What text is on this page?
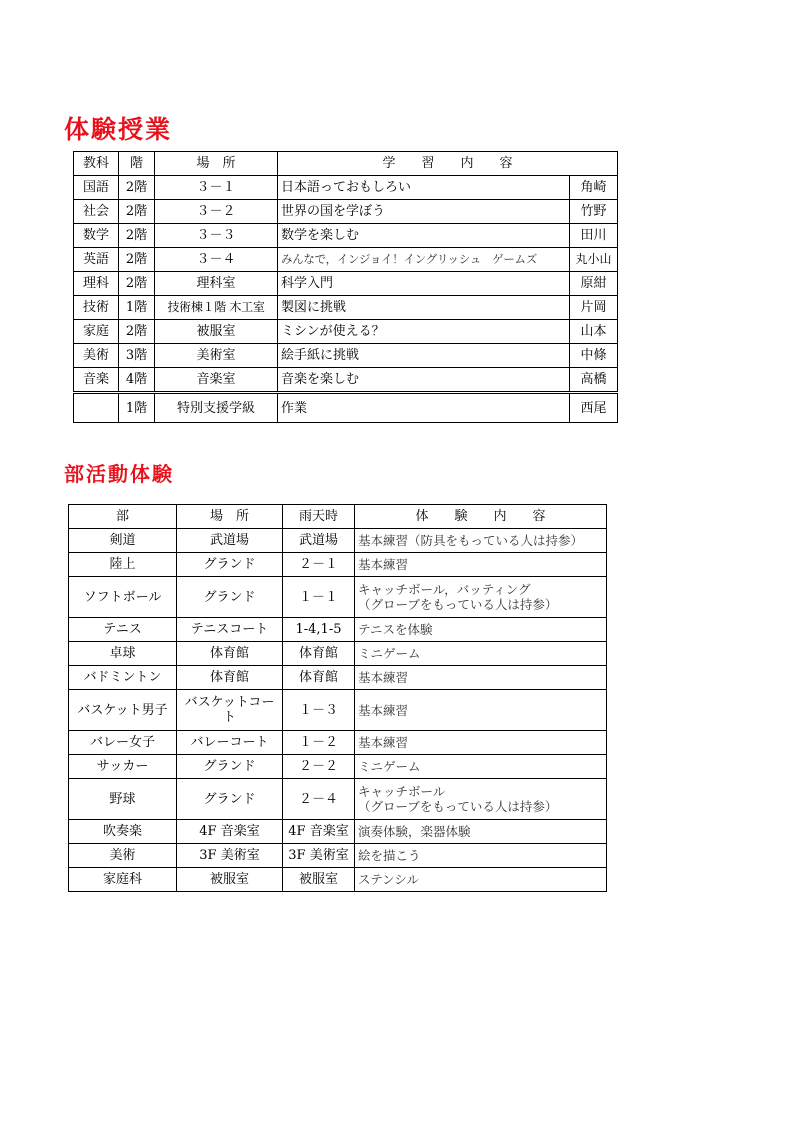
体験授業
教科	階	場　所	学　　習　　内　　容	
国語	2階	３－１	日本語っておもしろい	角崎
社会	2階	３－２	世界の国を学ぼう	竹野
数学	2階	３－３	数学を楽しむ	田川
英語	2階	３－４	みんなで，インジョイ！イングリッシュ　ゲームズ	丸小山
理科	2階	理科室	科学入門	原紺
技術	1階	技術棟１階 木工室	製図に挑戦	片岡
家庭	2階	被服室	ミシンが使える？	山本
美術	3階	美術室	絵手紙に挑戦	中條
音楽	4階	音楽室	音楽を楽しむ	高橋
	1階	特別支援学級	作業	西尾
部活動体験
部	場　所	雨天時	体　　験　　内　　容
剣道	武道場	武道場	基本練習（防具をもっている人は持参）
陸上	グランド	２－１	基本練習
ソフトボール	グランド	１－１	キャッチボール，バッティング
（グローブをもっている人は持参）

テニス	テニスコート	1-4,1-5	テニスを体験
卓球	体育館	体育館	ミニゲーム
バドミントン	体育館	体育館	基本練習
バスケット男子	バスケットコート	１－３	基本練習
バレー女子	バレーコート	１－２	基本練習
サッカー	グランド	２－２	ミニゲーム
野球	グランド	２－４	キャッチボール
（グローブをもっている人は持参）

吹奏楽	4F 音楽室	4F 音楽室	演奏体験，楽器体験
美術	3F 美術室	3F 美術室	絵を描こう
家庭科	被服室	被服室	ステンシル
